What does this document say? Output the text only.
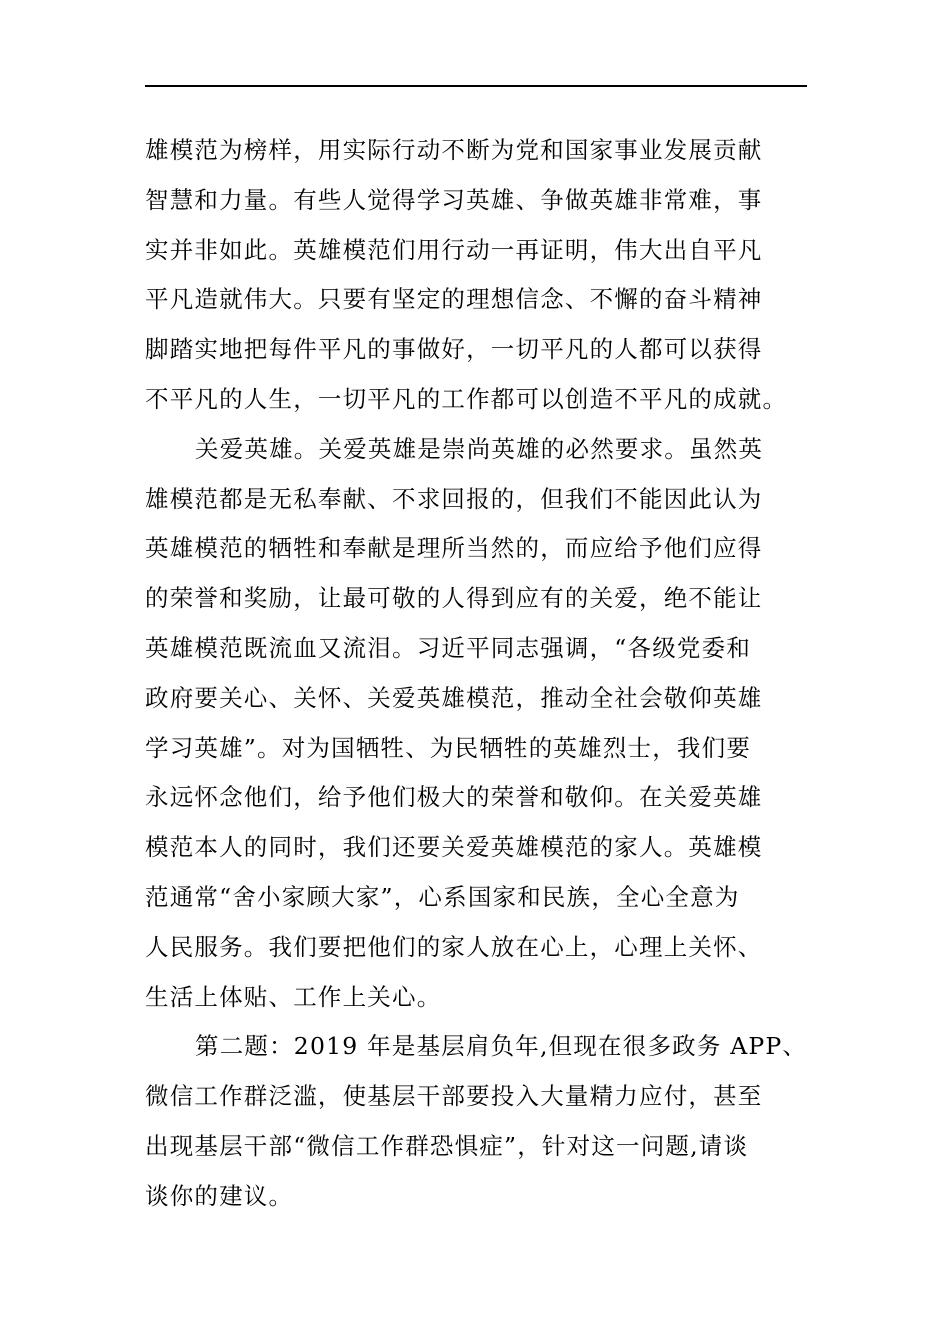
雄模范为榜样，用实际行动不断为党和国家事业发展贡献
智慧和力量。有些人觉得学习英雄、争做英雄非常难，事
实并非如此。英雄模范们用行动一再证明，伟大出自平凡
平凡造就伟大。只要有坚定的理想信念、不懈的奋斗精神
脚踏实地把每件平凡的事做好，一切平凡的人都可以获得
不平凡的人生，一切平凡的工作都可以创造不平凡的成就。
关爱英雄。关爱英雄是崇尚英雄的必然要求。虽然英
雄模范都是无私奉献、不求回报的，但我们不能因此认为
英雄模范的牺牲和奉献是理所当然的，而应给予他们应得
的荣誉和奖励，让最可敬的人得到应有的关爱，绝不能让
英雄模范既流血又流泪。习近平同志强调，“各级党委和
政府要关心、关怀、关爱英雄模范，推动全社会敬仰英雄
学习英雄”。对为国牺牲、为民牺牲的英雄烈士，我们要
永远怀念他们，给予他们极大的荣誉和敬仰。在关爱英雄
模范本人的同时，我们还要关爱英雄模范的家人。英雄模
范通常“舍小家顾大家”，心系国家和民族，全心全意为
人民服务。我们要把他们的家人放在心上，心理上关怀、
生活上体贴、工作上关心。
第二题：2019 年是基层肩负年,但现在很多政务 APP、
微信工作群泛滥，使基层干部要投入大量精力应付，甚至
出现基层干部“微信工作群恐惧症”，针对这一问题,请谈
谈你的建议。
